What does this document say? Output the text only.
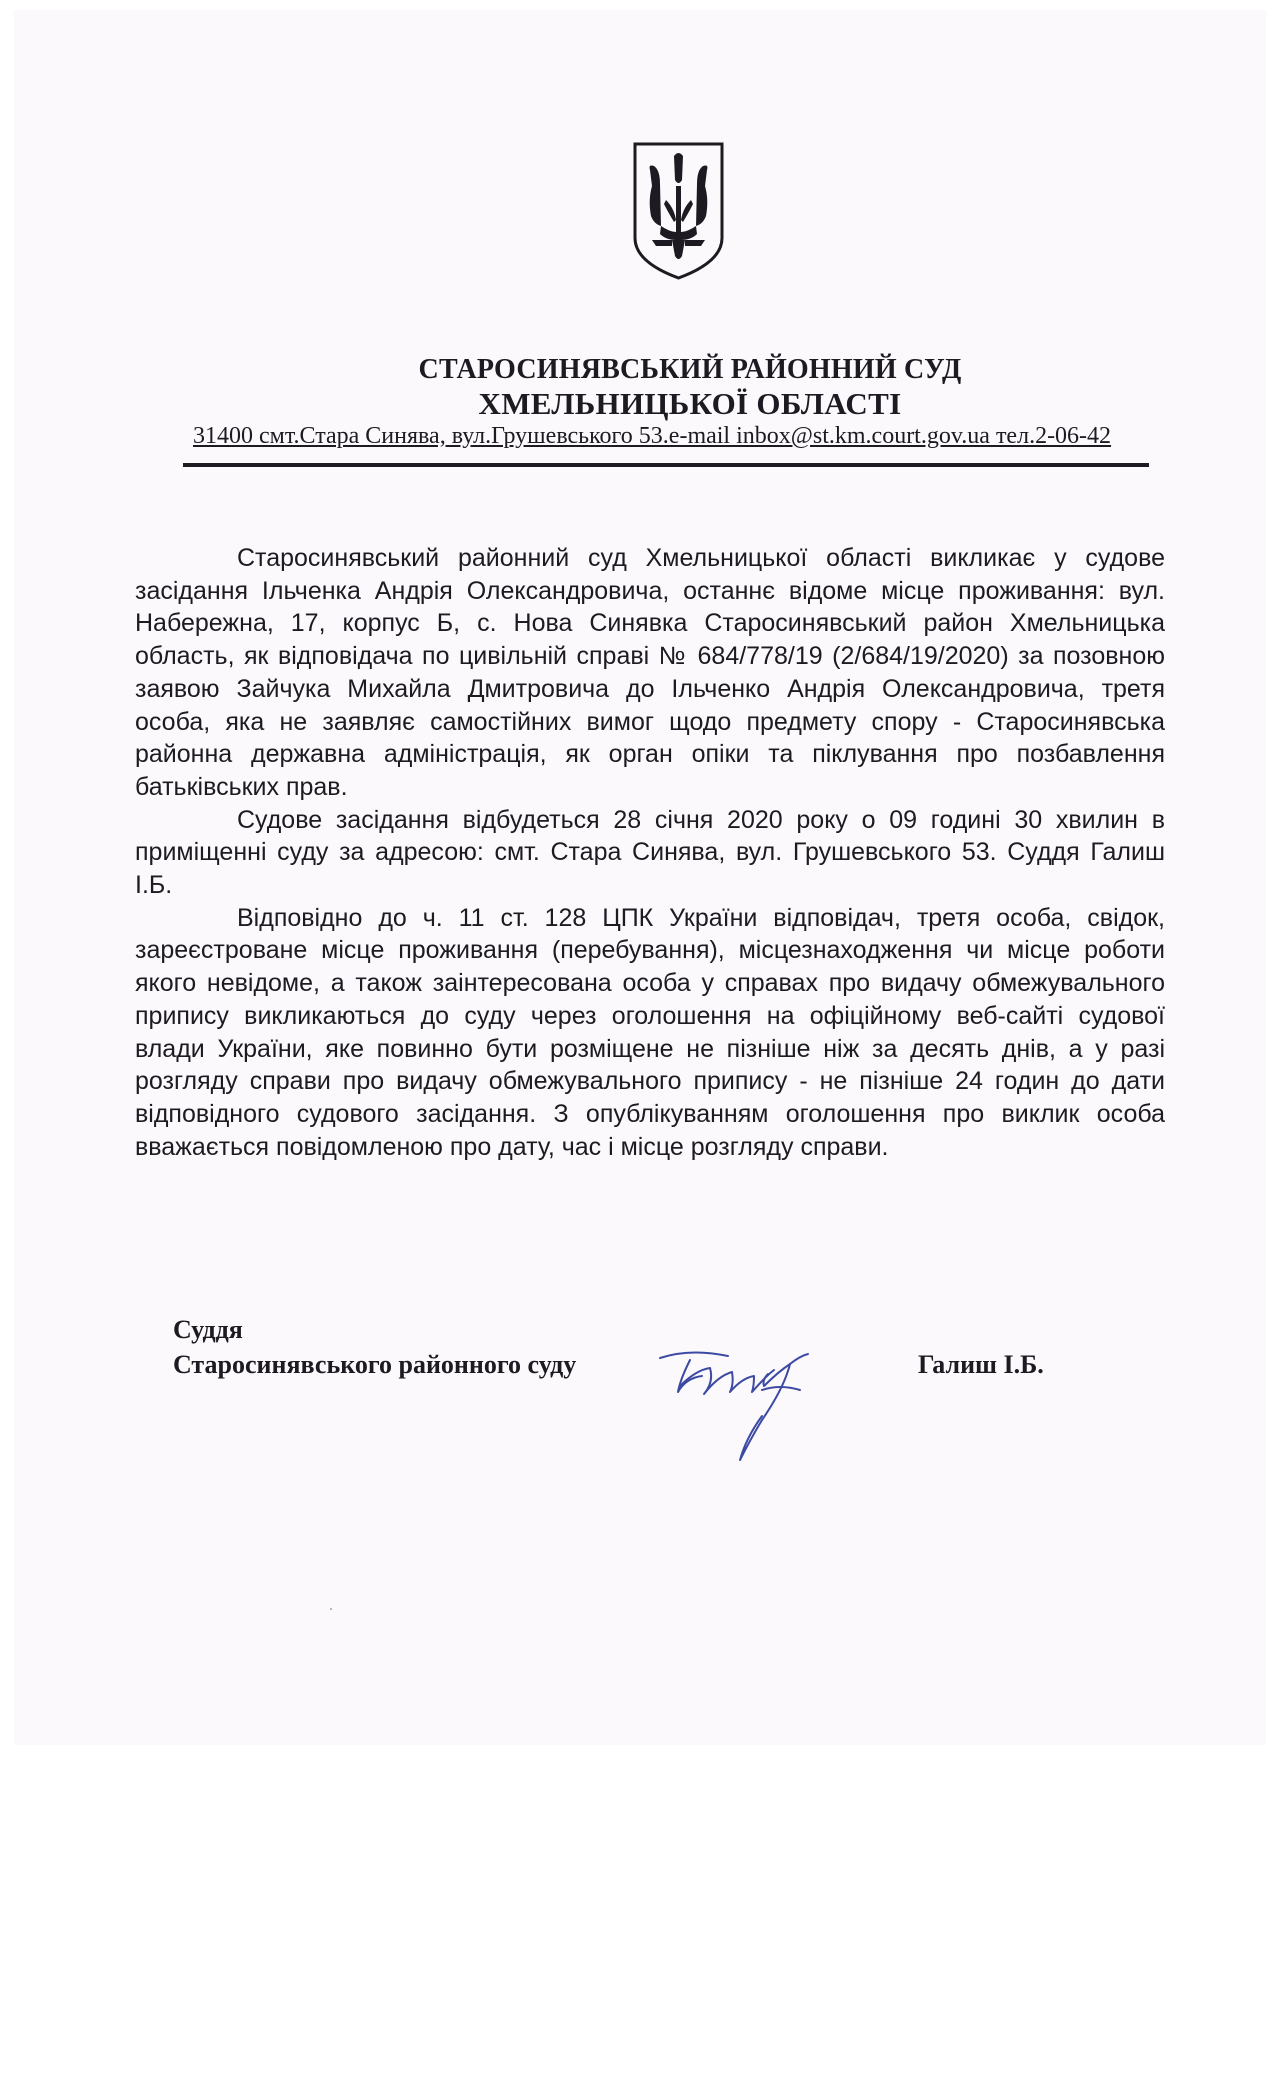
СТАРОСИНЯВСЬКИЙ РАЙОННИЙ СУД
ХМЕЛЬНИЦЬКОЇ ОБЛАСТІ
31400 смт.Стара Синява, вул.Грушевського 53.e-mail inbox@st.km.court.gov.ua тел.2-06-42

Старосинявський районний суд Хмельницької області викликає у судове засідання Ільченка Андрія Олександровича, останнє відоме місце проживання: вул. Набережна, 17, корпус Б, с. Нова Синявка Старосинявський район Хмельницька область, як відповідача по цивільній справі № 684/778/19 (2/684/19/2020) за позовною заявою Зайчука Михайла Дмитровича до Ільченко Андрія Олександровича, третя особа, яка не заявляє самостійних вимог щодо предмету спору - Старосинявська районна державна адміністрація, як орган опіки та піклування про позбавлення батьківських прав.

Судове засідання відбудеться 28 січня 2020 року о 09 годині 30 хвилин в приміщенні суду за адресою: смт. Стара Синява, вул. Грушевського 53. Суддя Галиш І.Б.

Відповідно до ч. 11 ст. 128 ЦПК України відповідач, третя особа, свідок, зареєстроване місце проживання (перебування), місцезнаходження чи місце роботи якого невідоме, а також заінтересована особа у справах про видачу обмежувального припису викликаються до суду через оголошення на офіційному веб-сайті судової влади України, яке повинно бути розміщене не пізніше ніж за десять днів, а у разі розгляду справи про видачу обмежувального припису - не пізніше 24 годин до дати відповідного судового засідання. З опублікуванням оголошення про виклик особа вважається повідомленою про дату, час і місце розгляду справи.

Суддя
Старосинявського районного суду	Галиш І.Б.
